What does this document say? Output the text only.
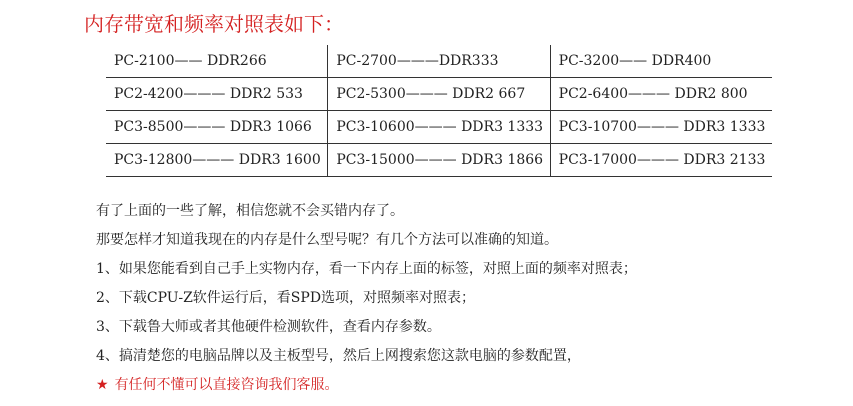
内存带宽和频率对照表如下：
PC-2100—— DDR266	PC-2700———DDR333	PC-3200—— DDR400
PC2-4200——— DDR2 533	PC2-5300——— DDR2 667	PC2-6400——— DDR2 800
PC3-8500——— DDR3 1066	PC3-10600——— DDR3 1333	PC3-10700——— DDR3 1333
PC3-12800——— DDR3 1600	PC3-15000——— DDR3 1866	PC3-17000——— DDR3 2133

有了上面的一些了解，相信您就不会买错内存了。

那要怎样才知道我现在的内存是什么型号呢？有几个方法可以准确的知道。

1、如果您能看到自己手上实物内存，看一下内存上面的标签，对照上面的频率对照表；

2、下载CPU-Z软件运行后，看SPD选项，对照频率对照表；

3、下载鲁大师或者其他硬件检测软件，查看内存参数。

4、搞清楚您的电脑品牌以及主板型号，然后上网搜索您这款电脑的参数配置，

★ 有任何不懂可以直接咨询我们客服。
